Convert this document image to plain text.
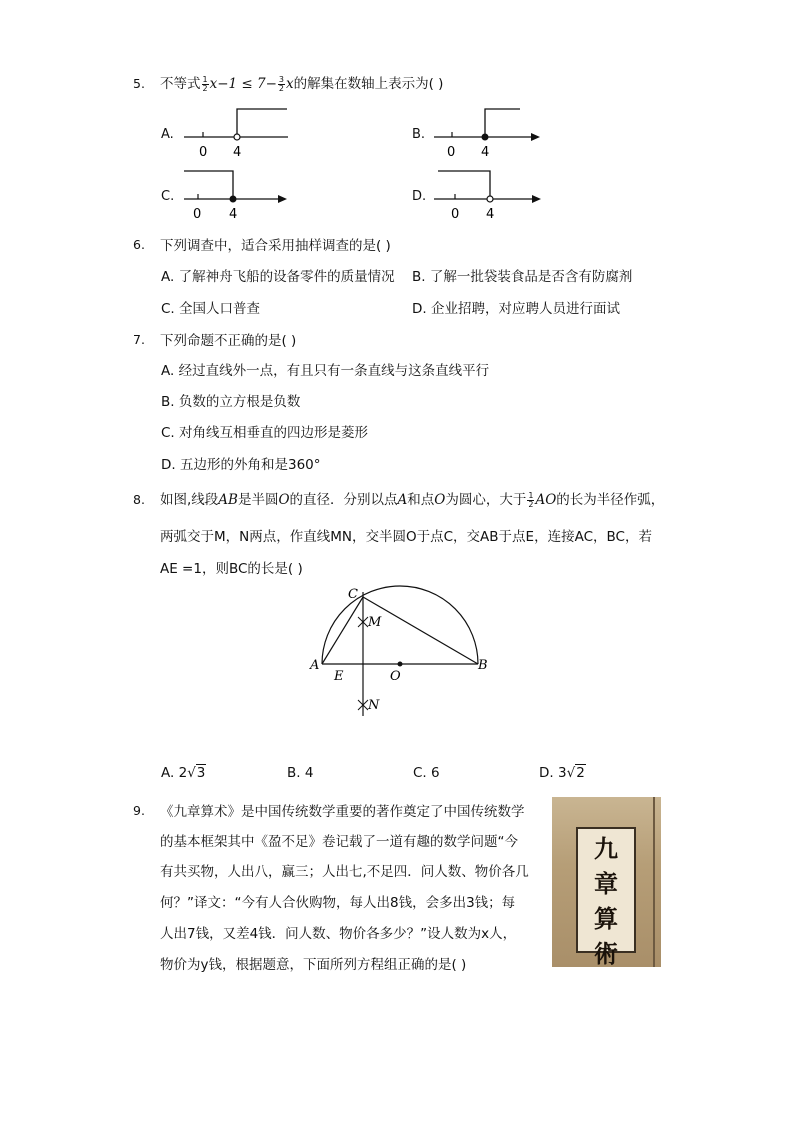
5. 不等式 $\frac{1}{2} x-1 \le 7- \frac{3}{2}$ x的解集在数轴上表示为( )
A.
0 4
B.
0 4
C.
0 4
D.
0 4
6. 下列调查中，适合采用抽样调查的是( )
A. 了解神舟飞船的设备零件的质量情况 B. 了解一批袋装食品是否含有防腐剂
C. 全国人口普查	D. 企业招聘，对应聘人员进行面试
7. 下列命题不正确的是( )
A. 经过直线外一点，有且只有一条直线与这条直线平行
B. 负数的立方根是负数
C. 对角线互相垂直的四边形是菱形
D. 五边形的外角和是360°
8. 如图,线段AB是半圆O的直径．分别以点A和点O为圆心，大于 $\frac{1}{2}$ AO的长为半径作弧，
两弧交于M，N两点，作直线MN，交半圆O于点C，交AB于点E，连接AC，BC，若
AE =1，则BC的长是( )
C
M
A
E	O
B
N
A. 2√3	B. 4	C. 6	D. 3√2
9. 《九章算术》是中国传统数学重要的著作奠定了中国传统数学
的基本框架其中《盈不足》卷记载了一道有趣的数学问题“今
有共买物，人出八，赢三；人出七,不足四．问人数、物价各几
何？”译文：“今有人合伙购物，每人出8钱，会多出3钱；每
人出7钱，又差4钱．问人数、物价各多少？”设人数为x人，
物价为y钱，根据题意，下面所列方程组正确的是( )
九
章
算
術
